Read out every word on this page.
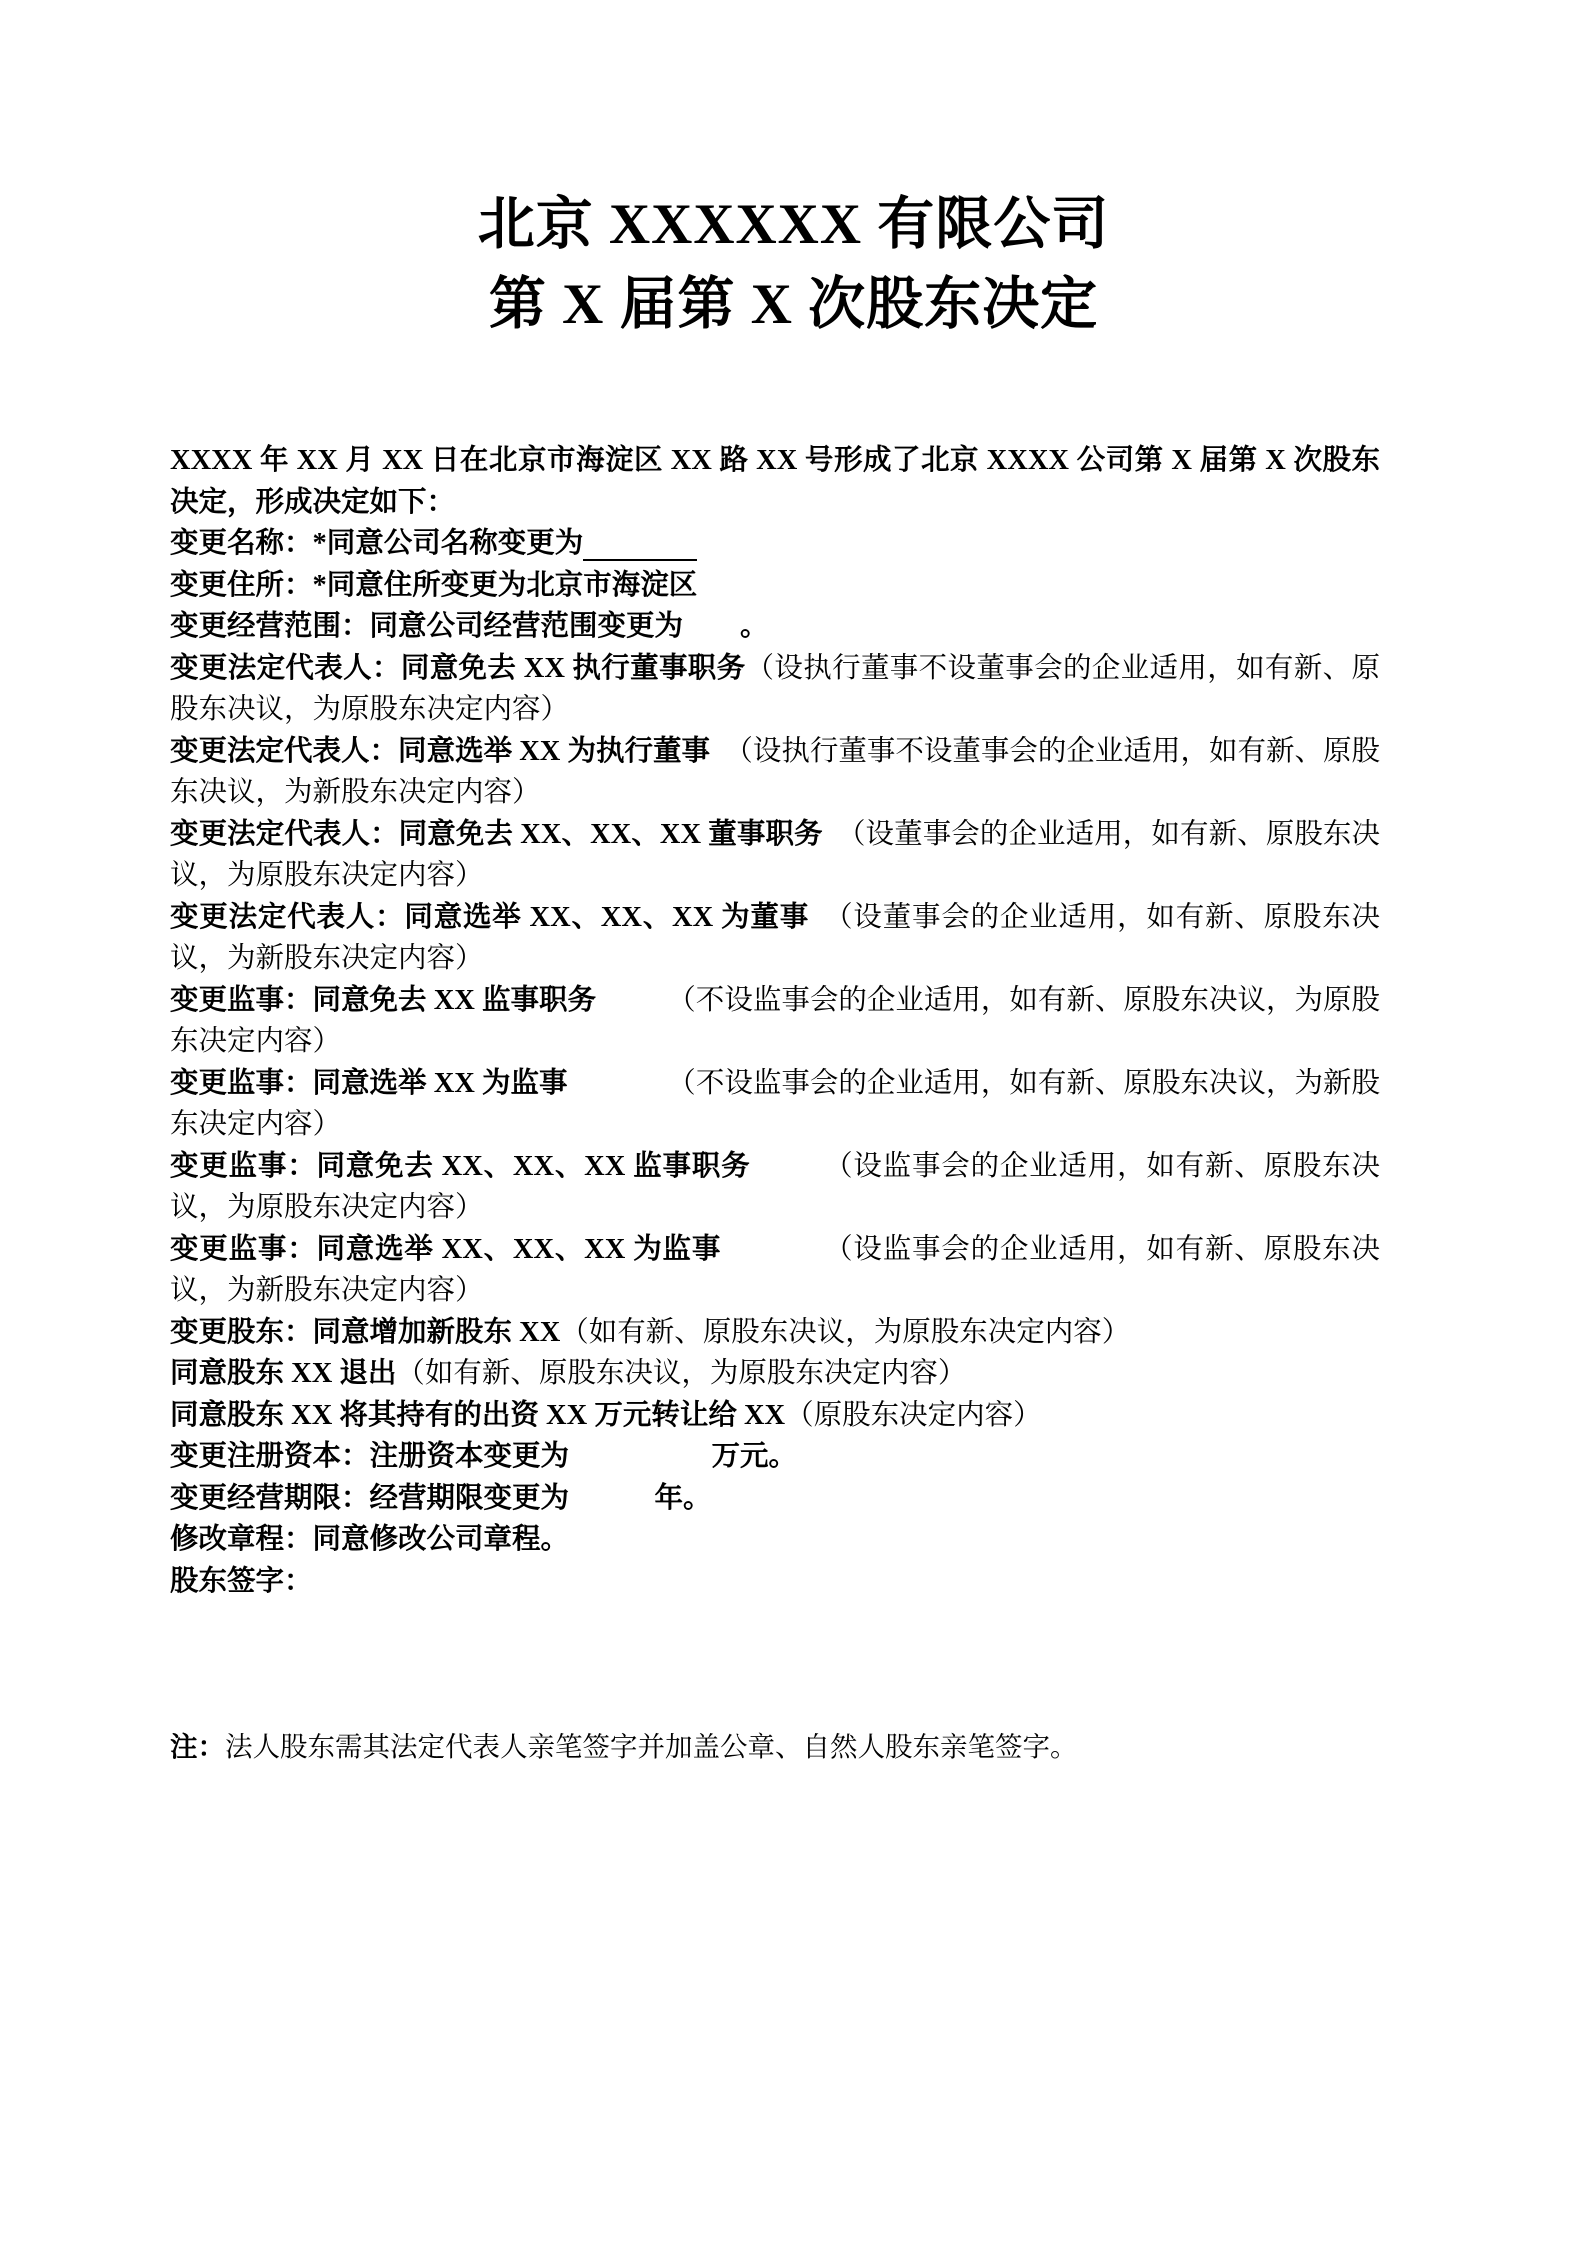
北京 XXXXXX 有限公司
第 X 届第 X 次股东决定

XXXX 年 XX 月 XX 日在北京市海淀区 XX 路 XX 号形成了北京 XXXX 公司第 X 届第 X 次股东决定，形成决定如下：

变更名称：*同意公司名称变更为　　　　

变更住所：*同意住所变更为北京市海淀区

变更经营范围：同意公司经营范围变更为　　。

变更法定代表人：同意免去 XX 执行董事职务（设执行董事不设董事会的企业适用，如有新、原股东决议，为原股东决定内容）

变更法定代表人：同意选举 XX 为执行董事　（设执行董事不设董事会的企业适用，如有新、原股东决议，为新股东决定内容）

变更法定代表人：同意免去 XX、XX、XX 董事职务　（设董事会的企业适用，如有新、原股东决议，为原股东决定内容）

变更法定代表人：同意选举 XX、XX、XX 为董事　（设董事会的企业适用，如有新、原股东决议，为新股东决定内容）

变更监事：同意免去 XX 监事职务　　　（不设监事会的企业适用，如有新、原股东决议，为原股东决定内容）

变更监事：同意选举 XX 为监事　　　　（不设监事会的企业适用，如有新、原股东决议，为新股东决定内容）

变更监事：同意免去 XX、XX、XX 监事职务　　　（设监事会的企业适用，如有新、原股东决议，为原股东决定内容）

变更监事：同意选举 XX、XX、XX 为监事　　　　（设监事会的企业适用，如有新、原股东决议，为新股东决定内容）

变更股东：同意增加新股东 XX（如有新、原股东决议，为原股东决定内容）

同意股东 XX 退出（如有新、原股东决议，为原股东决定内容）

同意股东 XX 将其持有的出资 XX 万元转让给 XX（原股东决定内容）

变更注册资本：注册资本变更为　　　　　万元。

变更经营期限：经营期限变更为　　　年。

修改章程：同意修改公司章程。

股东签字：

注：法人股东需其法定代表人亲笔签字并加盖公章、自然人股东亲笔签字。
